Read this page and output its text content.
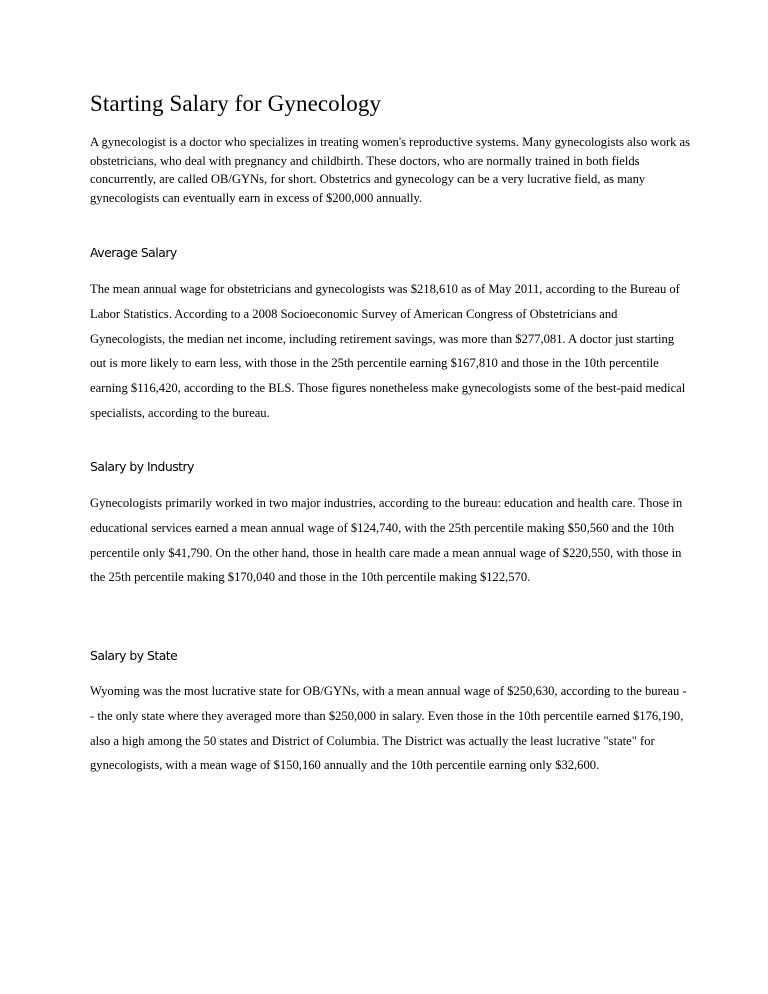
Starting Salary for Gynecology

A gynecologist is a doctor who specializes in treating women's reproductive systems. Many gynecologists also work as obstetricians, who deal with pregnancy and childbirth. These doctors, who are normally trained in both fields concurrently, are called OB/GYNs, for short. Obstetrics and gynecology can be a very lucrative field, as many gynecologists can eventually earn in excess of $200,000 annually.

Average Salary

The mean annual wage for obstetricians and gynecologists was $218,610 as of May 2011, according to the Bureau of Labor Statistics. According to a 2008 Socioeconomic Survey of American Congress of Obstetricians and Gynecologists, the median net income, including retirement savings, was more than $277,081. A doctor just starting out is more likely to earn less, with those in the 25th percentile earning $167,810 and those in the 10th percentile earning $116,420, according to the BLS. Those figures nonetheless make gynecologists some of the best-paid medical specialists, according to the bureau.

Salary by Industry

Gynecologists primarily worked in two major industries, according to the bureau: education and health care. Those in educational services earned a mean annual wage of $124,740, with the 25th percentile making $50,560 and the 10th percentile only $41,790. On the other hand, those in health care made a mean annual wage of $220,550, with those in the 25th percentile making $170,040 and those in the 10th percentile making $122,570.

Salary by State

Wyoming was the most lucrative state for OB/GYNs, with a mean annual wage of $250,630, according to the bureau -- the only state where they averaged more than $250,000 in salary. Even those in the 10th percentile earned $176,190, also a high among the 50 states and District of Columbia. The District was actually the least lucrative "state" for gynecologists, with a mean wage of $150,160 annually and the 10th percentile earning only $32,600.
